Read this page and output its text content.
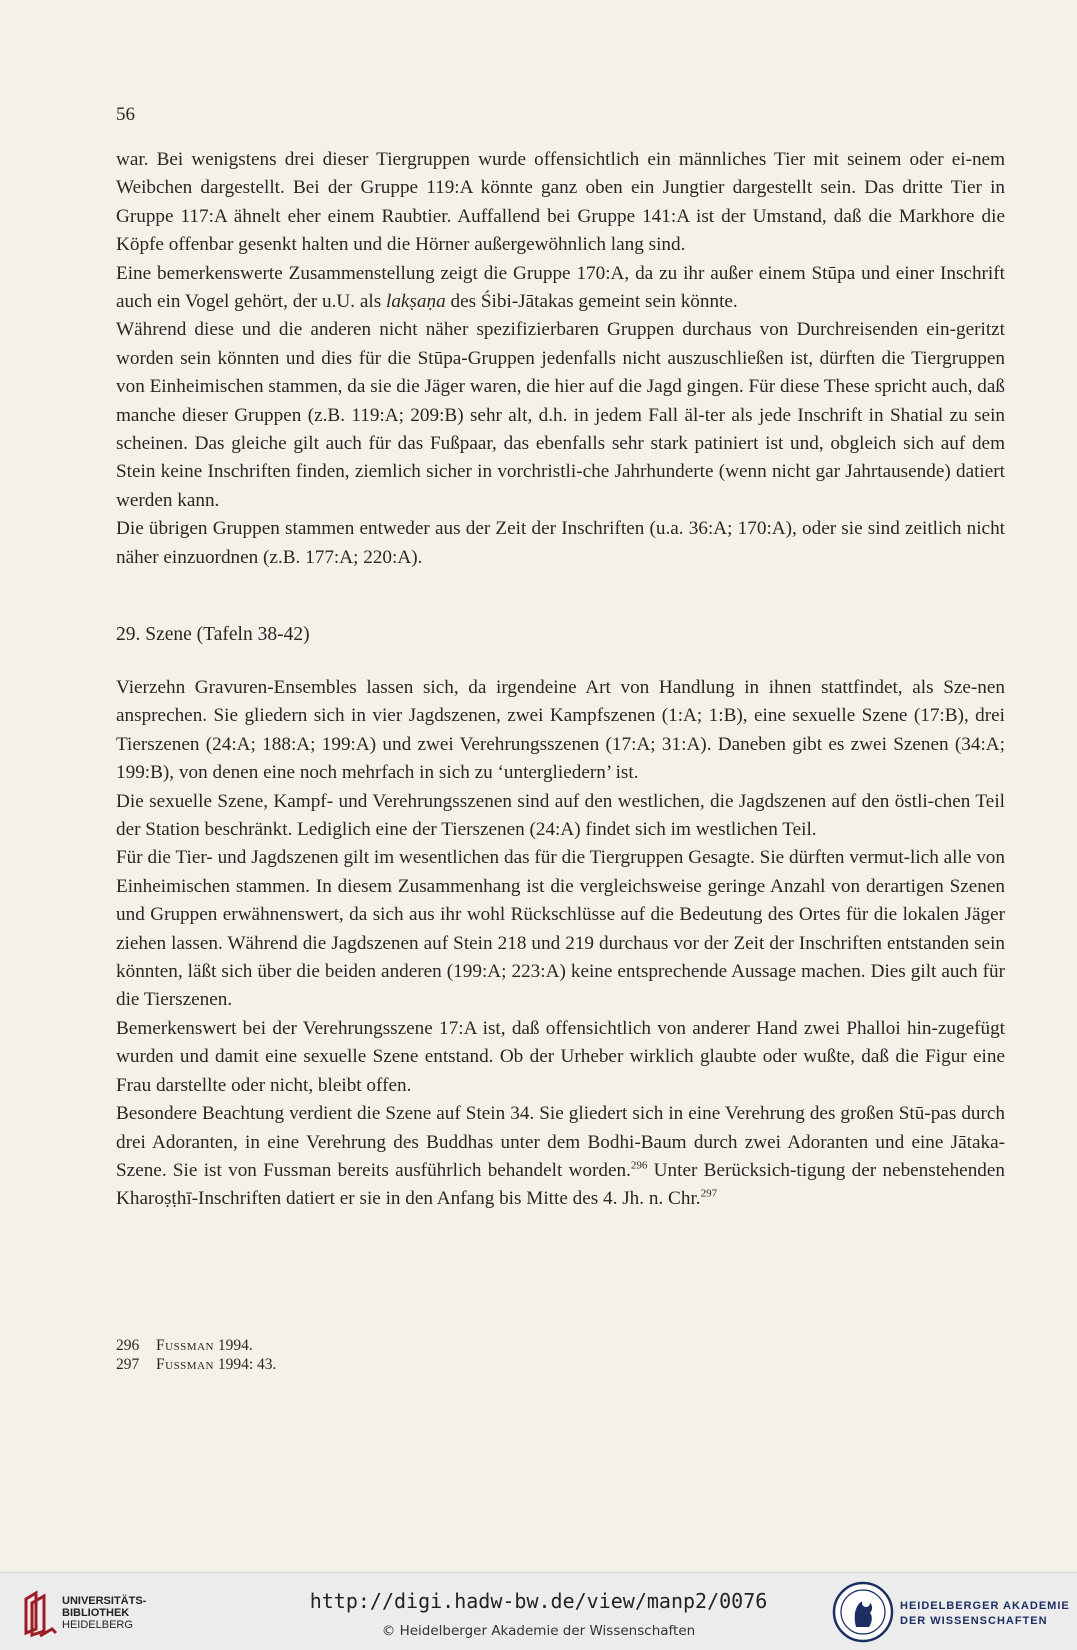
56

war. Bei wenigstens drei dieser Tiergruppen wurde offensichtlich ein männliches Tier mit seinem oder ei-nem Weibchen dargestellt. Bei der Gruppe 119:A könnte ganz oben ein Jungtier dargestellt sein. Das dritte Tier in Gruppe 117:A ähnelt eher einem Raubtier. Auffallend bei Gruppe 141:A ist der Umstand, daß die Markhore die Köpfe offenbar gesenkt halten und die Hörner außergewöhnlich lang sind.

Eine bemerkenswerte Zusammenstellung zeigt die Gruppe 170:A, da zu ihr außer einem Stūpa und einer Inschrift auch ein Vogel gehört, der u.U. als lakṣaṇa des Śibi-Jātakas gemeint sein könnte.

Während diese und die anderen nicht näher spezifizierbaren Gruppen durchaus von Durchreisenden ein-geritzt worden sein könnten und dies für die Stūpa-Gruppen jedenfalls nicht auszuschließen ist, dürften die Tiergruppen von Einheimischen stammen, da sie die Jäger waren, die hier auf die Jagd gingen. Für diese These spricht auch, daß manche dieser Gruppen (z.B. 119:A; 209:B) sehr alt, d.h. in jedem Fall äl-ter als jede Inschrift in Shatial zu sein scheinen. Das gleiche gilt auch für das Fußpaar, das ebenfalls sehr stark patiniert ist und, obgleich sich auf dem Stein keine Inschriften finden, ziemlich sicher in vorchristli-che Jahrhunderte (wenn nicht gar Jahrtausende) datiert werden kann.

Die übrigen Gruppen stammen entweder aus der Zeit der Inschriften (u.a. 36:A; 170:A), oder sie sind zeitlich nicht näher einzuordnen (z.B. 177:A; 220:A).

29. Szene (Tafeln 38-42)

Vierzehn Gravuren-Ensembles lassen sich, da irgendeine Art von Handlung in ihnen stattfindet, als Sze-nen ansprechen. Sie gliedern sich in vier Jagdszenen, zwei Kampfszenen (1:A; 1:B), eine sexuelle Szene (17:B), drei Tierszenen (24:A; 188:A; 199:A) und zwei Verehrungsszenen (17:A; 31:A). Daneben gibt es zwei Szenen (34:A; 199:B), von denen eine noch mehrfach in sich zu ‘untergliedern’ ist.

Die sexuelle Szene, Kampf- und Verehrungsszenen sind auf den westlichen, die Jagdszenen auf den östli-chen Teil der Station beschränkt. Lediglich eine der Tierszenen (24:A) findet sich im westlichen Teil.

Für die Tier- und Jagdszenen gilt im wesentlichen das für die Tiergruppen Gesagte. Sie dürften vermut-lich alle von Einheimischen stammen. In diesem Zusammenhang ist die vergleichsweise geringe Anzahl von derartigen Szenen und Gruppen erwähnenswert, da sich aus ihr wohl Rückschlüsse auf die Bedeutung des Ortes für die lokalen Jäger ziehen lassen. Während die Jagdszenen auf Stein 218 und 219 durchaus vor der Zeit der Inschriften entstanden sein könnten, läßt sich über die beiden anderen (199:A; 223:A) keine entsprechende Aussage machen. Dies gilt auch für die Tierszenen.

Bemerkenswert bei der Verehrungsszene 17:A ist, daß offensichtlich von anderer Hand zwei Phalloi hin-zugefügt wurden und damit eine sexuelle Szene entstand. Ob der Urheber wirklich glaubte oder wußte, daß die Figur eine Frau darstellte oder nicht, bleibt offen.

Besondere Beachtung verdient die Szene auf Stein 34. Sie gliedert sich in eine Verehrung des großen Stū-pas durch drei Adoranten, in eine Verehrung des Buddhas unter dem Bodhi-Baum durch zwei Adoranten und eine Jātaka-Szene. Sie ist von Fussman bereits ausführlich behandelt worden.$^{296}$ Unter Berücksich-tigung der nebenstehenden Kharoṣṭhī-Inschriften datiert er sie in den Anfang bis Mitte des 4. Jh. n. Chr.$^{297}$

296 Fussman 1994.
297 Fussman 1994: 43.
UNIVERSITÄTS-
BIBLIOTHEK
HEIDELBERG
http://digi.hadw-bw.de/view/manp2/0076
© Heidelberger Akademie der Wissenschaften
HEIDELBERGER AKADEMIE
DER WISSENSCHAFTEN
